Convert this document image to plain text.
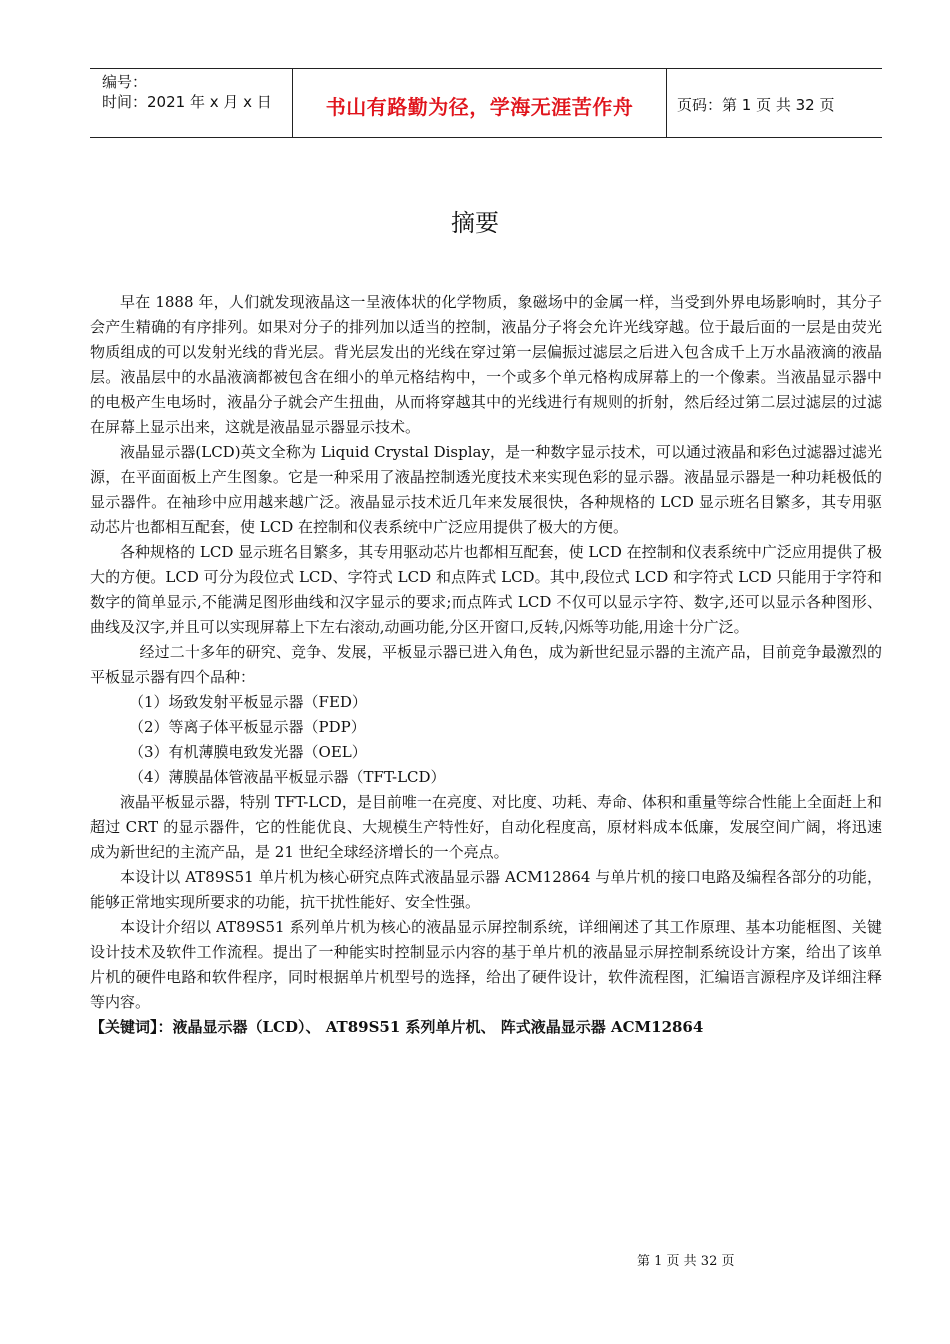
编号：
时间：2021 年 x 月 x 日	书山有路勤为径，学海无涯苦作舟	页码：第 1 页 共 32 页
摘要

早在 1888 年，人们就发现液晶这一呈液体状的化学物质，象磁场中的金属一样，当受到外界电场影响时，其分子会产生精确的有序排列。如果对分子的排列加以适当的控制，液晶分子将会允许光线穿越。位于最后面的一层是由荧光物质组成的可以发射光线的背光层。背光层发出的光线在穿过第一层偏振过滤层之后进入包含成千上万水晶液滴的液晶层。液晶层中的水晶液滴都被包含在细小的单元格结构中，一个或多个单元格构成屏幕上的一个像素。当液晶显示器中的电极产生电场时，液晶分子就会产生扭曲，从而将穿越其中的光线进行有规则的折射，然后经过第二层过滤层的过滤在屏幕上显示出来，这就是液晶显示器显示技术。

液晶显示器(LCD)英文全称为 Liquid Crystal Display，是一种数字显示技术，可以通过液晶和彩色过滤器过滤光源，在平面面板上产生图象。它是一种采用了液晶控制透光度技术来实现色彩的显示器。液晶显示器是一种功耗极低的显示器件。在袖珍中应用越来越广泛。液晶显示技术近几年来发展很快，各种规格的 LCD 显示班名目繁多，其专用驱动芯片也都相互配套，使 LCD 在控制和仪表系统中广泛应用提供了极大的方便。

各种规格的 LCD 显示班名目繁多，其专用驱动芯片也都相互配套，使 LCD 在控制和仪表系统中广泛应用提供了极大的方便。LCD 可分为段位式 LCD、字符式 LCD 和点阵式 LCD。其中,段位式 LCD 和字符式 LCD 只能用于字符和数字的简单显示,不能满足图形曲线和汉字显示的要求;而点阵式 LCD 不仅可以显示字符、数字,还可以显示各种图形、曲线及汉字,并且可以实现屏幕上下左右滚动,动画功能,分区开窗口,反转,闪烁等功能,用途十分广泛。

经过二十多年的研究、竞争、发展，平板显示器已进入角色，成为新世纪显示器的主流产品，目前竞争最激烈的平板显示器有四个品种：

（1）场致发射平板显示器（FED）

（2）等离子体平板显示器（PDP）

（3）有机薄膜电致发光器（OEL）

（4）薄膜晶体管液晶平板显示器（TFT-LCD）

液晶平板显示器，特别 TFT-LCD，是目前唯一在亮度、对比度、功耗、寿命、体积和重量等综合性能上全面赶上和超过 CRT 的显示器件，它的性能优良、大规模生产特性好，自动化程度高，原材料成本低廉，发展空间广阔，将迅速成为新世纪的主流产品，是 21 世纪全球经济增长的一个亮点。

本设计以 AT89S51 单片机为核心研究点阵式液晶显示器 ACM12864 与单片机的接口电路及编程各部分的功能，能够正常地实现所要求的功能，抗干扰性能好、安全性强。

本设计介绍以 AT89S51 系列单片机为核心的液晶显示屏控制系统，详细阐述了其工作原理、基本功能框图、关键设计技术及软件工作流程。提出了一种能实时控制显示内容的基于单片机的液晶显示屏控制系统设计方案，给出了该单片机的硬件电路和软件程序，同时根据单片机型号的选择，给出了硬件设计，软件流程图，汇编语言源程序及详细注释等内容。

【关键词】：液晶显示器（LCD）、 AT89S51 系列单片机、 阵式液晶显示器 ACM12864

第 1 页 共 32 页
